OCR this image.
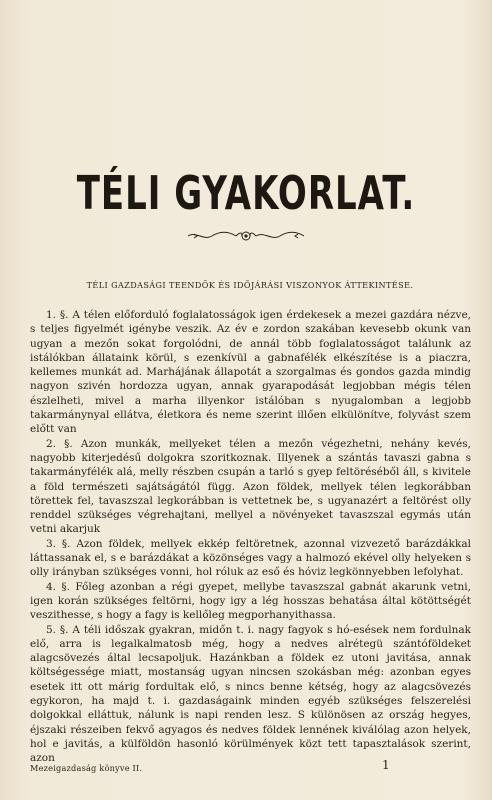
TÉLI GYAKORLAT.
TÉLI GAZDASÁGI TEENDŐK ÉS IDŐJÁRÁSI VISZONYOK ÁTTEKINTÉSE.

1. §. A télen előforduló foglalatosságok igen érdekesek a mezei gazdára nézve, s teljes figyelmét igénybe veszik. Az év e zordon szakában kevesebb okunk van ugyan a mezőn sokat forgolódni, de annál több foglalatosságot találunk az istálókban állataink körül, s ezenkívül a gabnafélék elkészítése is a piaczra, kellemes munkát ad. Marhájának állapotát a szorgalmas és gondos gazda mindig nagyon szivén hordozza ugyan, annak gyarapodását legjobban mégis télen észlelheti, mivel a marha illyenkor istálóban s nyugalomban a legjobb takarmánynyal ellátva, életkora és neme szerint illően elkülönítve, folyvást szem előtt van

2. §. Azon munkák, mellyeket télen a mezőn végezhetni, nehány kevés, nagyobb kiterjedésű dolgokra szoritkoznak. Illyenek a szántás tavaszi gabna s takarmányfélék alá, melly részben csupán a tarló s gyep feltöréséből áll, s kivitele a föld természeti sajátságától függ. Azon földek, mellyek télen legkorábban törettek fel, tavaszszal legkorábban is vettetnek be, s ugyanazért a feltörést olly renddel szükséges végrehajtani, mellyel a növényeket tavaszszal egymás után vetni akarjuk

3. §. Azon földek, mellyek ekkép feltöretnek, azonnal vizvezető barázdákkal láttassanak el, s e barázdákat a közönséges vagy a halmozó ekével olly helyeken s olly irányban szükséges vonni, hol róluk az eső és hóviz legkönnyebben lefolyhat.

4. §. Főleg azonban a régi gyepet, mellybe tavaszszal gabnát akarunk vetni, igen korán szükséges feltörni, hogy igy a lég hosszas behatása által kötöttségét veszithesse, s hogy a fagy is kellőleg megporhanyithassa.

5. §. A téli időszak gyakran, midőn t. i. nagy fagyok s hó-esések nem fordulnak elő, arra is legalkalmatosb még, hogy a nedves alrétegü szántóföldeket alagcsövezés által lecsapoljuk. Hazánkban a földek ez utoni javitása, annak költségessége miatt, mostanság ugyan nincsen szokásban még: azonban egyes esetek itt ott márig fordultak elő, s nincs benne kétség, hogy az alagcsövezés egykoron, ha majd t. i. gazdaságaink minden egyéb szükséges felszerelési dolgokkal elláttuk, nálunk is napi renden lesz. S különösen az ország hegyes, éjszaki részeiben fekvő agyagos és nedves földek lennének kiválólag azon helyek, hol e javitás, a külföldön hasonló körülmények közt tett tapasztalások szerint, azon

Mezeigazdaság könyve II.	1
